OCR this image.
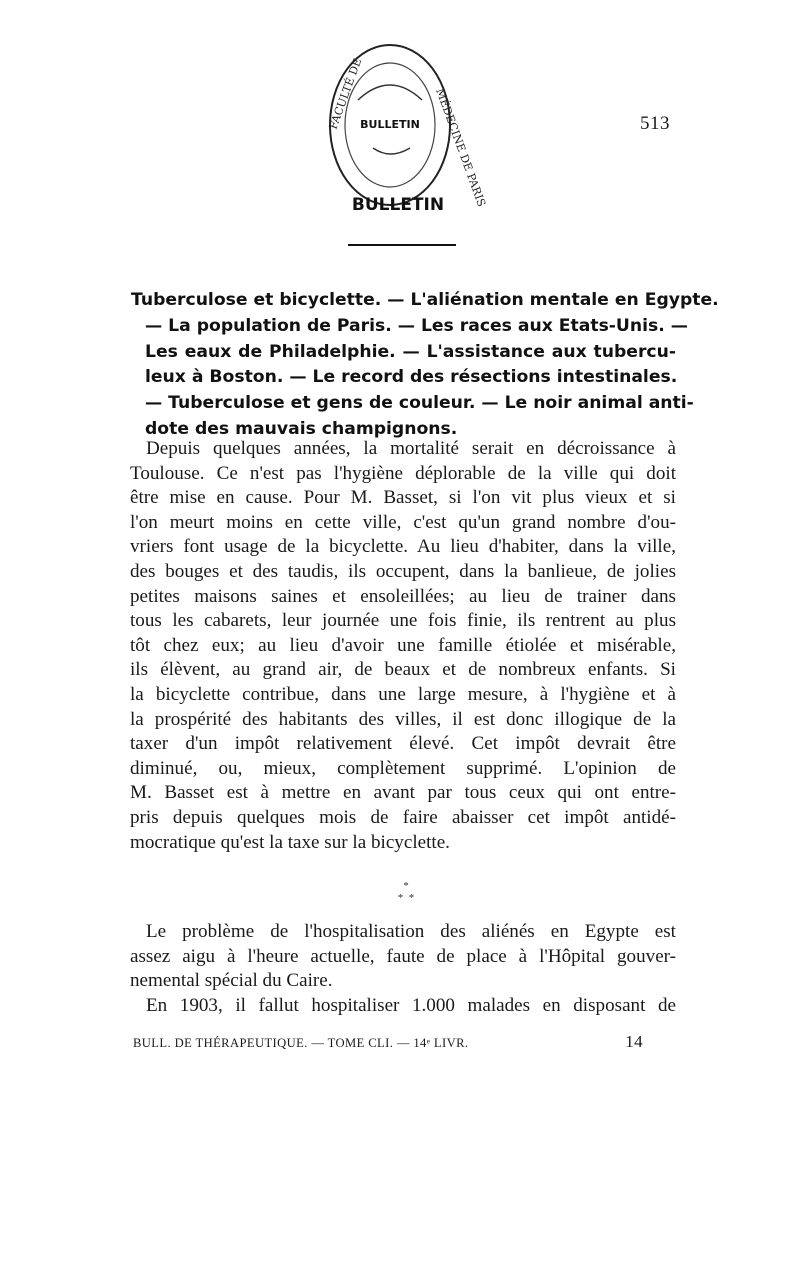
FACULTÉ DE	MÉDECINE DE PARIS
BULLETIN
BULLETIN
513
Tuberculose et bicyclette. — L'aliénation mentale en Egypte.
— La population de Paris. — Les races aux Etats-Unis. —
Les eaux de Philadelphie. — L'assistance aux tubercu-
leux à Boston. — Le record des résections intestinales.
— Tuberculose et gens de couleur. — Le noir animal anti-
dote des mauvais champignons.
Depuis quelques années, la mortalité serait en décroissance à
Toulouse. Ce n'est pas l'hygiène déplorable de la ville qui doit
être mise en cause. Pour M. Basset, si l'on vit plus vieux et si
l'on meurt moins en cette ville, c'est qu'un grand nombre d'ou-
vriers font usage de la bicyclette. Au lieu d'habiter, dans la ville,
des bouges et des taudis, ils occupent, dans la banlieue, de jolies
petites maisons saines et ensoleillées; au lieu de trainer dans
tous les cabarets, leur journée une fois finie, ils rentrent au plus
tôt chez eux; au lieu d'avoir une famille étiolée et misérable,
ils élèvent, au grand air, de beaux et de nombreux enfants. Si
la bicyclette contribue, dans une large mesure, à l'hygiène et à
la prospérité des habitants des villes, il est donc illogique de la
taxer d'un impôt relativement élevé. Cet impôt devrait être
diminué, ou, mieux, complètement supprimé. L'opinion de
M. Basset est à mettre en avant par tous ceux qui ont entre-
pris depuis quelques mois de faire abaisser cet impôt antidé-
mocratique qu'est la taxe sur la bicyclette.
*
* *
Le problème de l'hospitalisation des aliénés en Egypte est
assez aigu à l'heure actuelle, faute de place à l'Hôpital gouver-
nemental spécial du Caire.
En 1903, il fallut hospitaliser 1.000 malades en disposant de
BULL. DE THÉRAPEUTIQUE. — TOME CLI. — 14ᵉ LIVR.	14
